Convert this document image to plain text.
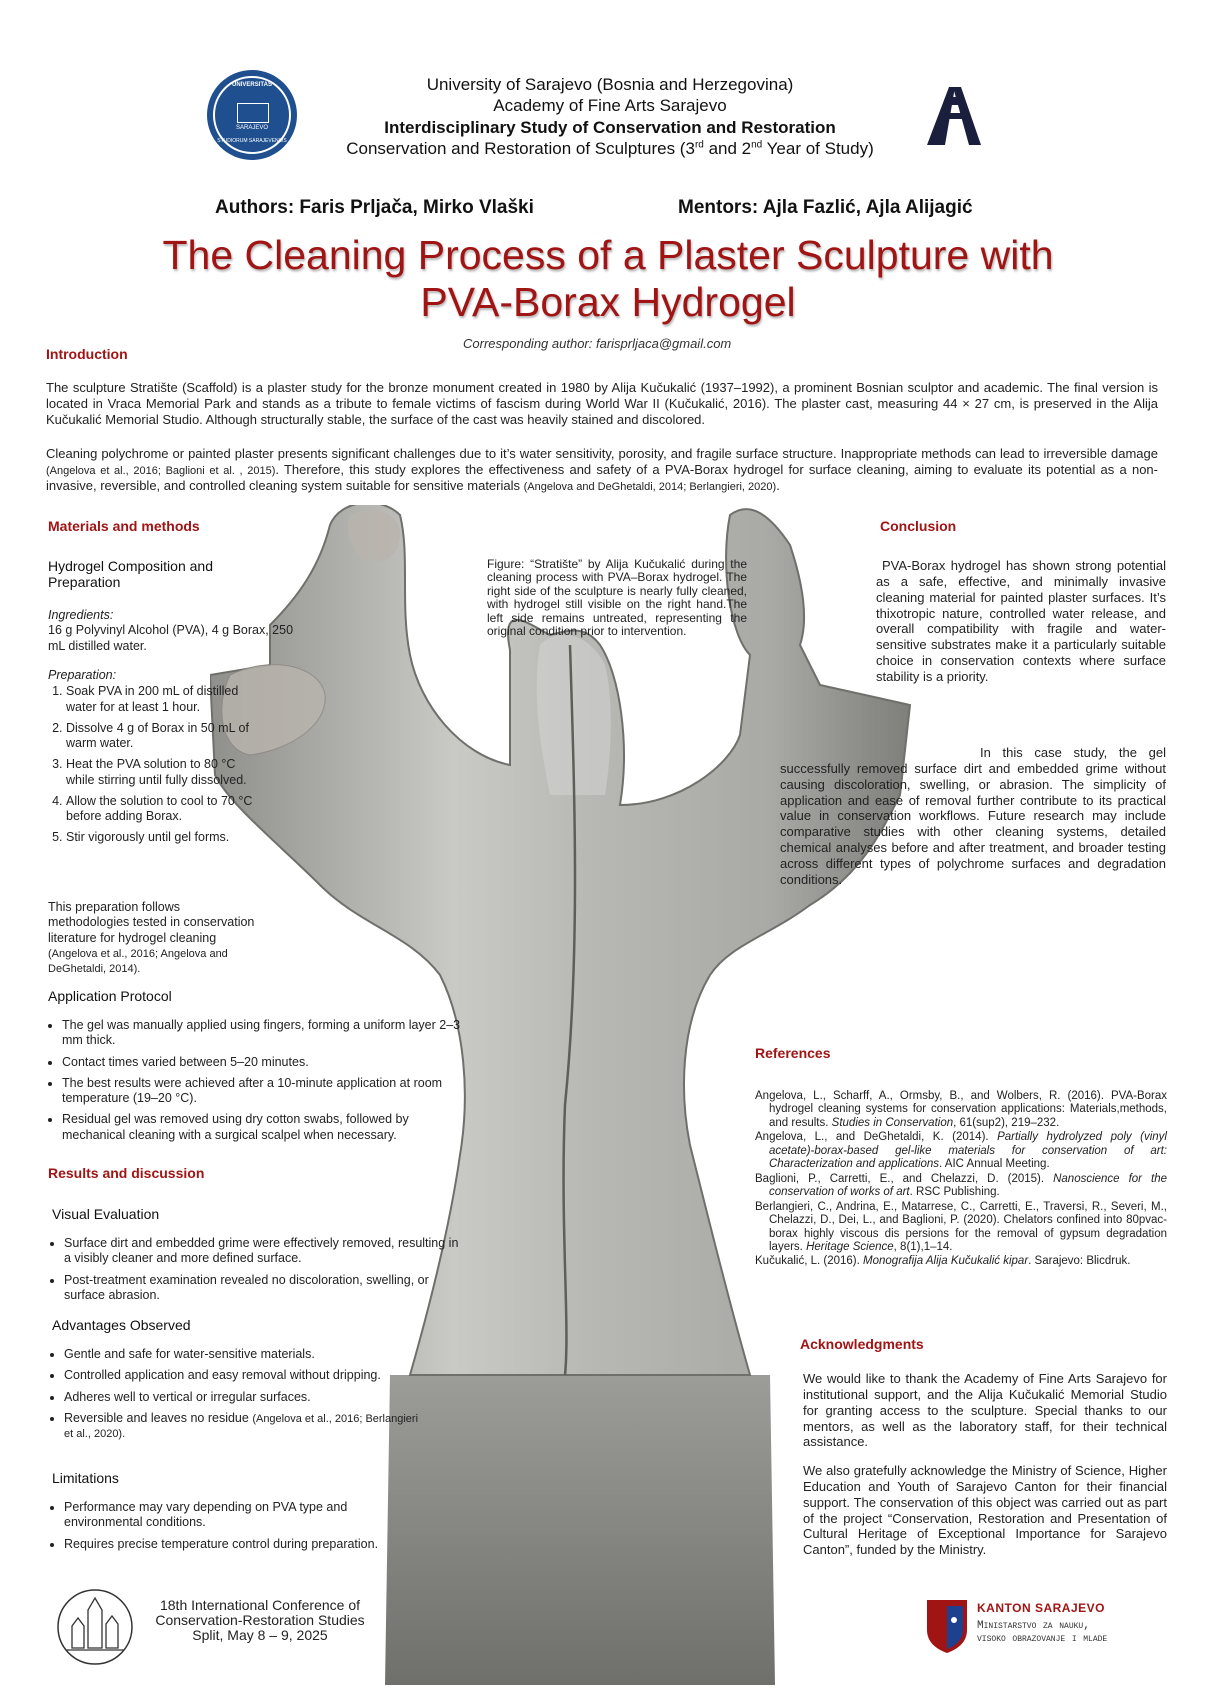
UNIVERSITAS
SARAJEVO
STUDIORUM SARAJEVENSIS
University of Sarajevo (Bosnia and Herzegovina)
Academy of Fine Arts Sarajevo
Interdisciplinary Study of Conservation and Restoration
Conservation and Restoration of Sculptures (3rd and 2nd Year of Study)
Authors: Faris Prljača, Mirko Vlaški	Mentors: Ajla Fazlić, Ajla Alijagić
The Cleaning Process of a Plaster Sculpture with
PVA-Borax Hydrogel
Corresponding author: farisprljaca@gmail.com
Introduction
The sculpture Stratište (Scaffold) is a plaster study for the bronze monument created in 1980 by Alija Kučukalić (1937–1992), a prominent Bosnian sculptor and academic. The final version is located in Vraca Memorial Park and stands as a tribute to female victims of fascism during World War II (Kučukalić, 2016). The plaster cast, measuring 44 × 27 cm, is preserved in the Alija Kučukalić Memorial Studio. Although structurally stable, the surface of the cast was heavily stained and discolored.
Cleaning polychrome or painted plaster presents significant challenges due to it’s water sensitivity, porosity, and fragile surface structure. Inappropriate methods can lead to irreversible damage (Angelova et al., 2016; Baglioni et al. , 2015). Therefore, this study explores the effectiveness and safety of a PVA-Borax hydrogel for surface cleaning, aiming to evaluate its potential as a non-invasive, reversible, and controlled cleaning system suitable for sensitive materials (Angelova and DeGhetaldi, 2014; Berlangieri, 2020).
Materials and methods
Hydrogel Composition and Preparation
Ingredients:
16 g Polyvinyl Alcohol (PVA), 4 g Borax, 250 mL distilled water.
Preparation:
1. Soak PVA in 200 mL of distilled water for at least 1 hour.
2. Dissolve 4 g of Borax in 50 mL of warm water.
3. Heat the PVA solution to 80 °C while stirring until fully dissolved.
4. Allow the solution to cool to 70 °C before adding Borax.
5. Stir vigorously until gel forms.
This preparation follows methodologies tested in conservation literature for hydrogel cleaning (Angelova et al., 2016; Angelova and DeGhetaldi, 2014).
Application Protocol
• The gel was manually applied using fingers, forming a uniform layer 2–3 mm thick.
• Contact times varied between 5–20 minutes.
• The best results were achieved after a 10-minute application at room temperature (19–20 °C).
• Residual gel was removed using dry cotton swabs, followed by mechanical cleaning with a surgical scalpel when necessary.
Figure: “Stratište” by Alija Kučukalić during the cleaning process with PVA–Borax hydrogel. The right side of the sculpture is nearly fully cleaned, with hydrogel still visible on the right hand.The left side remains untreated, representing the original condition prior to intervention.
Results and discussion
Visual Evaluation
• Surface dirt and embedded grime were effectively removed, resulting in a visibly cleaner and more defined surface.
• Post-treatment examination revealed no discoloration, swelling, or surface abrasion.
Advantages Observed
• Gentle and safe for water-sensitive materials.
• Controlled application and easy removal without dripping.
• Adheres well to vertical or irregular surfaces.
• Reversible and leaves no residue (Angelova et al., 2016; Berlangieri et al., 2020).
Limitations
• Performance may vary depending on PVA type and environmental conditions.
• Requires precise temperature control during preparation.
Conclusion
PVA-Borax hydrogel has shown strong potential as a safe, effective, and minimally invasive cleaning material for painted plaster surfaces. It’s thixotropic nature, controlled water release, and overall compatibility with fragile and water-sensitive substrates make it a particularly suitable choice in conservation contexts where surface stability is a priority.
In this case study, the gel successfully removed surface dirt and embedded grime without causing discoloration, swelling, or abrasion. The simplicity of application and ease of removal further contribute to its practical value in conservation workflows. Future research may include comparative studies with other cleaning systems, detailed chemical analyses before and after treatment, and broader testing across different types of polychrome surfaces and degradation conditions.
References
Angelova, L., Scharff, A., Ormsby, B., and Wolbers, R. (2016). PVA-Borax hydrogel cleaning systems for conservation applications: Materials,methods, and results. Studies in Conservation, 61(sup2), 219–232.
Angelova, L., and DeGhetaldi, K. (2014). Partially hydrolyzed poly (vinyl acetate)-borax-based gel-like materials for conservation of art: Characterization and applications. AIC Annual Meeting.
Baglioni, P., Carretti, E., and Chelazzi, D. (2015). Nanoscience for the conservation of works of art. RSC Publishing.
Berlangieri, C., Andrina, E., Matarrese, C., Carretti, E., Traversi, R., Severi, M., Chelazzi, D., Dei, L., and Baglioni, P. (2020). Chelators confined into 80pvac-borax highly viscous dis persions for the removal of gypsum degradation layers. Heritage Science, 8(1),1–14.
Kučukalić, L. (2016). Monografija Alija Kučukalić kipar. Sarajevo: Blicdruk.
Acknowledgments
We would like to thank the Academy of Fine Arts Sarajevo for institutional support, and the Alija Kučukalić Memorial Studio for granting access to the sculpture. Special thanks to our mentors, as well as the laboratory staff, for their technical assistance.
We also gratefully acknowledge the Ministry of Science, Higher Education and Youth of Sarajevo Canton for their financial support. The conservation of this object was carried out as part of the project “Conservation, Restoration and Presentation of Cultural Heritage of Exceptional Importance for Sarajevo Canton”, funded by the Ministry.
18th International Conference of
Conservation-Restoration Studies
Split, May 8 – 9, 2025
KANTON SARAJEVO
Ministarstvo za nauku,
visoko obrazovanje i mlade
